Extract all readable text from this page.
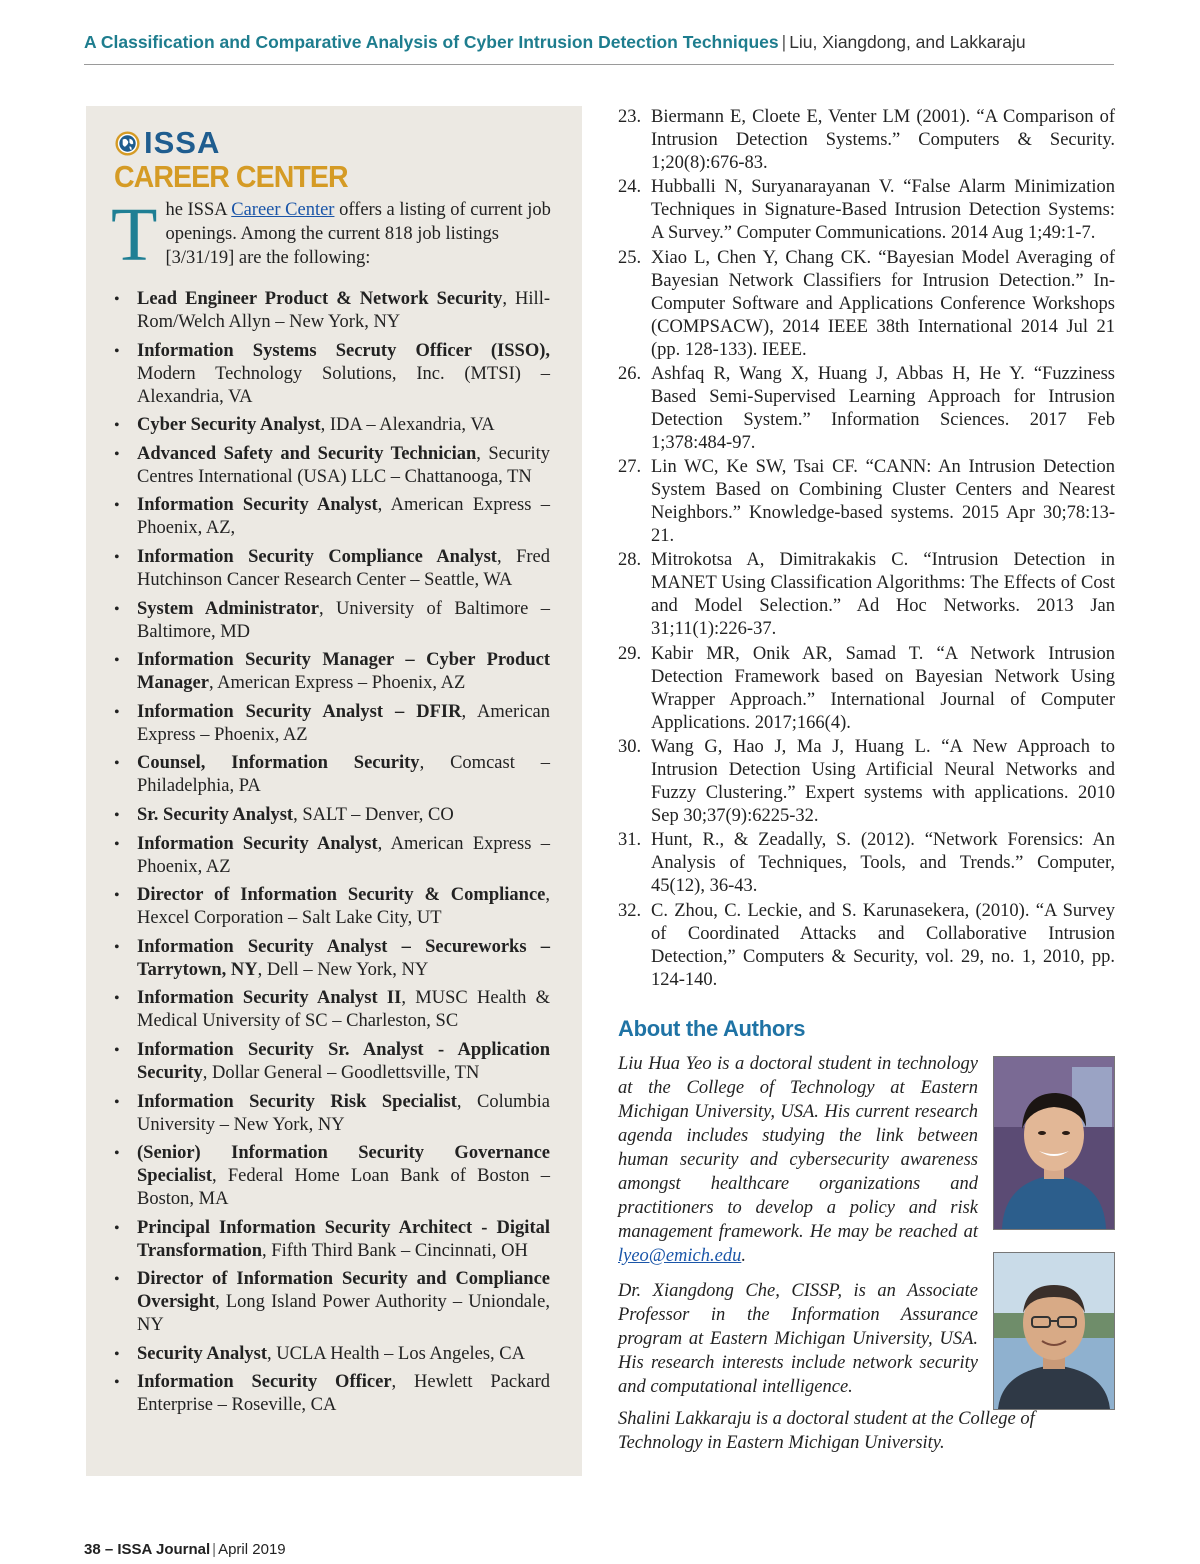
A Classification and Comparative Analysis of Cyber Intrusion Detection Techniques | Liu, Xiangdong, and Lakkaraju
ISSA
CAREER CENTER
The ISSA Career Center offers a listing of current job openings. Among the current 818 job listings [3/31/19] are the following:
• Lead Engineer Product & Network Security, Hill-Rom/Welch Allyn – New York, NY
• Information Systems Secruty Officer (ISSO), Modern Technology Solutions, Inc. (MTSI) – Alexandria, VA
• Cyber Security Analyst, IDA – Alexandria, VA
• Advanced Safety and Security Technician, Security Centres International (USA) LLC – Chattanooga, TN
• Information Security Analyst, American Express – Phoenix, AZ,
• Information Security Compliance Analyst, Fred Hutchinson Cancer Research Center – Seattle, WA
• System Administrator, University of Baltimore – Baltimore, MD
• Information Security Manager – Cyber Product Manager, American Express – Phoenix, AZ
• Information Security Analyst – DFIR, American Express – Phoenix, AZ
• Counsel, Information Security, Comcast – Philadelphia, PA
• Sr. Security Analyst, SALT – Denver, CO
• Information Security Analyst, American Express – Phoenix, AZ
• Director of Information Security & Compliance, Hexcel Corporation – Salt Lake City, UT
• Information Security Analyst – Secureworks – Tarrytown, NY, Dell – New York, NY
• Information Security Analyst II, MUSC Health & Medical University of SC – Charleston, SC
• Information Security Sr. Analyst - Application Security, Dollar General – Goodlettsville, TN
• Information Security Risk Specialist, Columbia University – New York, NY
• (Senior) Information Security Governance Specialist, Federal Home Loan Bank of Boston – Boston, MA
• Principal Information Security Architect - Digital Transformation, Fifth Third Bank – Cincinnati, OH
• Director of Information Security and Compliance Oversight, Long Island Power Authority – Uniondale, NY
• Security Analyst, UCLA Health – Los Angeles, CA
• Information Security Officer, Hewlett Packard Enterprise – Roseville, CA
23. Biermann E, Cloete E, Venter LM (2001). “A Comparison of Intrusion Detection Systems.” Computers & Security. 1;20(8):676-83.
24. Hubballi N, Suryanarayanan V. “False Alarm Minimization Techniques in Signature-Based Intrusion Detection Systems: A Survey.” Computer Communications. 2014 Aug 1;49:1-7.
25. Xiao L, Chen Y, Chang CK. “Bayesian Model Averaging of Bayesian Network Classifiers for Intrusion Detection.” In-Computer Software and Applications Conference Workshops (COMPSACW), 2014 IEEE 38th International 2014 Jul 21 (pp. 128-133). IEEE.
26. Ashfaq R, Wang X, Huang J, Abbas H, He Y. “Fuzziness Based Semi-Supervised Learning Approach for Intrusion Detection System.” Information Sciences. 2017 Feb 1;378:484-97.
27. Lin WC, Ke SW, Tsai CF. “CANN: An Intrusion Detection System Based on Combining Cluster Centers and Nearest Neighbors.” Knowledge-based systems. 2015 Apr 30;78:13-21.
28. Mitrokotsa A, Dimitrakakis C. “Intrusion Detection in MANET Using Classification Algorithms: The Effects of Cost and Model Selection.” Ad Hoc Networks. 2013 Jan 31;11(1):226-37.
29. Kabir MR, Onik AR, Samad T. “A Network Intrusion Detection Framework based on Bayesian Network Using Wrapper Approach.” International Journal of Computer Applications. 2017;166(4).
30. Wang G, Hao J, Ma J, Huang L. “A New Approach to Intrusion Detection Using Artificial Neural Networks and Fuzzy Clustering.” Expert systems with applications. 2010 Sep 30;37(9):6225-32.
31. Hunt, R., & Zeadally, S. (2012). “Network Forensics: An Analysis of Techniques, Tools, and Trends.” Computer, 45(12), 36-43.
32. C. Zhou, C. Leckie, and S. Karunasekera, (2010). “A Survey of Coordinated Attacks and Collaborative Intrusion Detection,” Computers & Security, vol. 29, no. 1, 2010, pp. 124-140.
About the Authors
Liu Hua Yeo is a doctoral student in technology at the College of Technology at Eastern Michigan University, USA. His current research agenda includes studying the link between human security and cybersecurity awareness amongst healthcare organizations and practitioners to develop a policy and risk management framework. He may be reached at lyeo@emich.edu.
Dr. Xiangdong Che, CISSP, is an Associate Professor in the Information Assurance program at Eastern Michigan University, USA. His research interests include network security and computational intelligence.
Shalini Lakkaraju is a doctoral student at the College of Technology in Eastern Michigan University.
38 – ISSA Journal | April 2019
